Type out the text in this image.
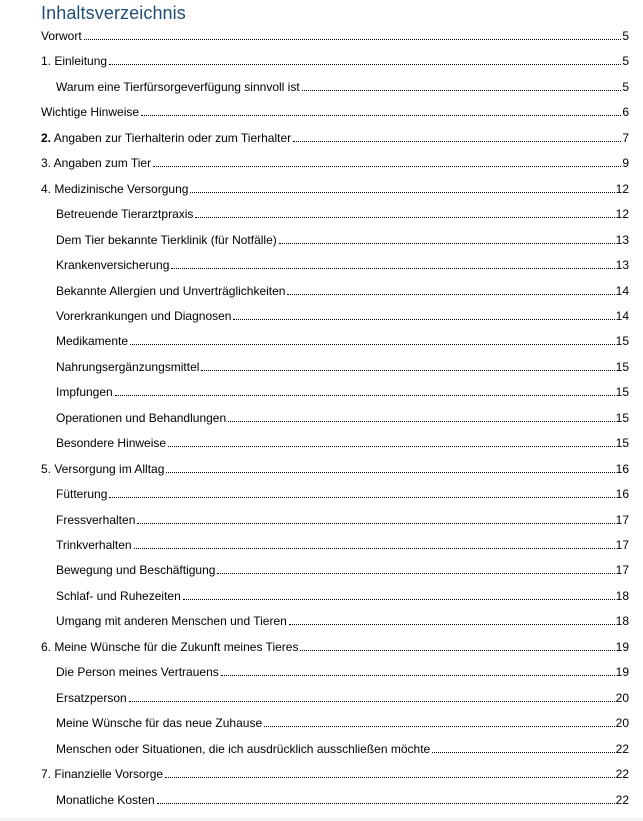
Inhaltsverzeichnis
Vorwort	5
1. Einleitung	5
Warum eine Tierfürsorgeverfügung sinnvoll ist	5
Wichtige Hinweise	6
2. Angaben zur Tierhalterin oder zum Tierhalter	7
3. Angaben zum Tier	9
4. Medizinische Versorgung	12
Betreuende Tierarztpraxis	12
Dem Tier bekannte Tierklinik (für Notfälle)	13
Krankenversicherung	13
Bekannte Allergien und Unverträglichkeiten	14
Vorerkrankungen und Diagnosen	14
Medikamente	15
Nahrungsergänzungsmittel	15
Impfungen	15
Operationen und Behandlungen	15
Besondere Hinweise	15
5. Versorgung im Alltag	16
Fütterung	16
Fressverhalten	17
Trinkverhalten	17
Bewegung und Beschäftigung	17
Schlaf- und Ruhezeiten	18
Umgang mit anderen Menschen und Tieren	18
6. Meine Wünsche für die Zukunft meines Tieres	19
Die Person meines Vertrauens	19
Ersatzperson	20
Meine Wünsche für das neue Zuhause	20
Menschen oder Situationen, die ich ausdrücklich ausschließen möchte	22
7. Finanzielle Vorsorge	22
Monatliche Kosten	22
